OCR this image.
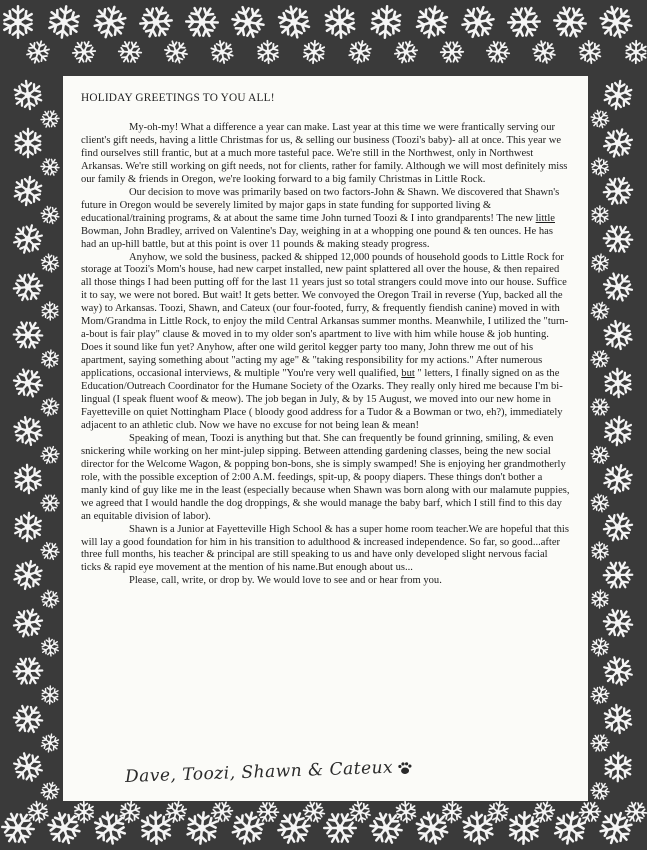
HOLIDAY GREETINGS TO YOU ALL!

My-oh-my! What a difference a year can make. Last year at this time we were frantically serving our client's gift needs, having a little Christmas for us, & selling our business (Toozi's baby)- all at once. This year we find ourselves still frantic, but at a much more tasteful pace. We're still in the Northwest, only in Northwest Arkansas. We're still working on gift needs, not for clients, rather for family. Although we will most definitely miss our family & friends in Oregon, we're looking forward to a big family Christmas in Little Rock.

Our decision to move was primarily based on two factors-John & Shawn. We discovered that Shawn's future in Oregon would be severely limited by major gaps in state funding for supported living & educational/training programs, & at about the same time John turned Toozi & I into grandparents! The new little Bowman, John Bradley, arrived on Valentine's Day, weighing in at a whopping one pound & ten ounces. He has had an up-hill battle, but at this point is over 11 pounds & making steady progress.

Anyhow, we sold the business, packed & shipped 12,000 pounds of household goods to Little Rock for storage at Toozi's Mom's house, had new carpet installed, new paint splattered all over the house, & then repaired all those things I had been putting off for the last 11 years just so total strangers could move into our house. Suffice it to say, we were not bored. But wait! It gets better. We convoyed the Oregon Trail in reverse (Yup, backed all the way) to Arkansas. Toozi, Shawn, and Cateux (our four-footed, furry, & frequently fiendish canine) moved in with Mom/Grandma in Little Rock, to enjoy the mild Central Arkansas summer months. Meanwhile, I utilized the "turn-a-bout is fair play" clause & moved in to my older son's apartment to live with him while house & job hunting. Does it sound like fun yet? Anyhow, after one wild geritol kegger party too many, John threw me out of his apartment, saying something about "acting my age" & "taking responsibility for my actions." After numerous applications, occasional interviews, & multiple "You're very well qualified, but " letters, I finally signed on as the Education/Outreach Coordinator for the Humane Society of the Ozarks. They really only hired me because I'm bi-lingual (I speak fluent woof & meow). The job began in July, & by 15 August, we moved into our new home in Fayetteville on quiet Nottingham Place ( bloody good address for a Tudor & a Bowman or two, eh?), immediately adjacent to an athletic club. Now we have no excuse for not being lean & mean!

Speaking of mean, Toozi is anything but that. She can frequently be found grinning, smiling, & even snickering while working on her mint-julep sipping. Between attending gardening classes, being the new social director for the Welcome Wagon, & popping bon-bons, she is simply swamped! She is enjoying her grandmotherly role, with the possible exception of 2:00 A.M. feedings, spit-up, & poopy diapers. These things don't bother a manly kind of guy like me in the least (especially because when Shawn was born along with our malamute puppies, we agreed that I would handle the dog droppings, & she would manage the baby barf, which I still find to this day an equitable division of labor).

Shawn is a Junior at Fayetteville High School & has a super home room teacher.We are hopeful that this will lay a good foundation for him in his transition to adulthood & increased independence. So far, so good...after three full months, his teacher & principal are still speaking to us and have only developed slight nervous facial ticks & rapid eye movement at the mention of his name.But enough about us...

Please, call, write, or drop by. We would love to see and or hear from you.

Dave, Toozi, Shawn & Cateux
